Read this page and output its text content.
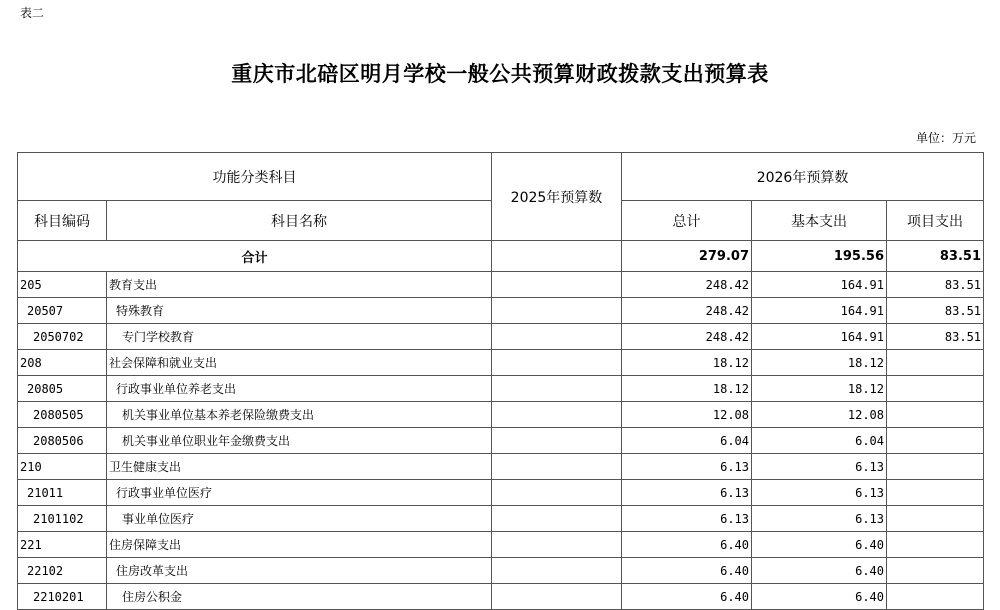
表二
重庆市北碚区明月学校一般公共预算财政拨款支出预算表
单位：万元
功能分类科目		2025年预算数	2026年预算数		
科目编码	科目名称		总计	基本支出	项目支出
合计			279.07	195.56	83.51
205	教育支出		248.42	164.91	83.51
20507	特殊教育		248.42	164.91	83.51
2050702	专门学校教育		248.42	164.91	83.51
208	社会保障和就业支出		18.12	18.12	
20805	行政事业单位养老支出		18.12	18.12	
2080505	机关事业单位基本养老保险缴费支出		12.08	12.08	
2080506	机关事业单位职业年金缴费支出		6.04	6.04	
210	卫生健康支出		6.13	6.13	
21011	行政事业单位医疗		6.13	6.13	
2101102	事业单位医疗		6.13	6.13	
221	住房保障支出		6.40	6.40	
22102	住房改革支出		6.40	6.40	
2210201	住房公积金		6.40	6.40	
